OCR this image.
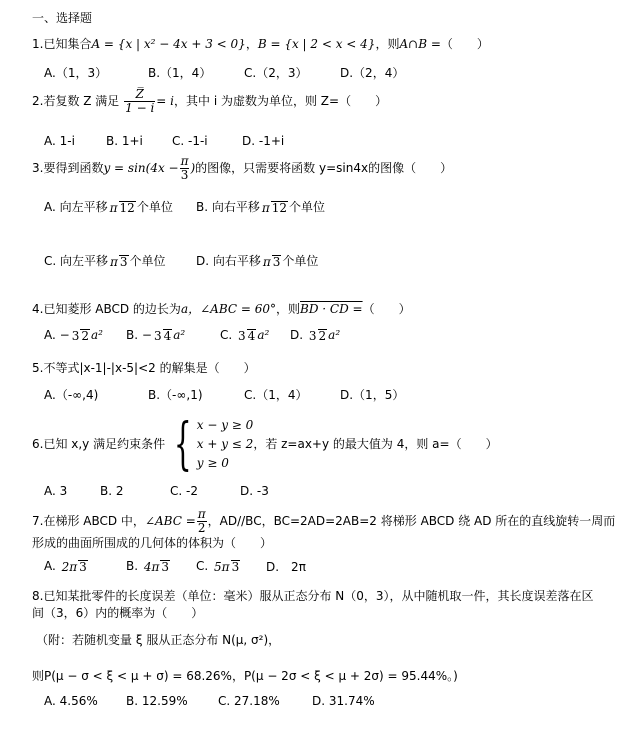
一、选择题
1.已知集合A = {x | x² − 4x + 3 < 0}，B = {x | 2 < x < 4}，则A∩B =（　　）
A.（1，3）	B.（1，4）	C.（2，3）	D.（2，4）
2.若复数 Z 满足 $\frac{Z̅}{1 - i} = i$，其中 i 为虚数为单位，则 Z=（　　）
A. 1-i	B. 1+i C. -1-i	D. -1+i
3.要得到函数$y = \sin(4x - \frac{\pi}{3}$ )的图像，只需要将函数 y=sin4x的图像（　　）
A. 向左平移 π 12 个单位 B. 向右平移 π 12 个单位
C. 向左平移 π 3 个单位	D. 向右平移 π 3 个单位
4.已知菱形 ABCD 的边长为a，∠ABC = 60°，则BD · CD =（　　）
A. − 3 2 a² B. − 3 4 a²	C. 3 4 a² D. 3 2 a²
5.不等式|x-1|-|x-5|<2 的解集是（　　）
A.（-∞,4)	B.（-∞,1)	C.（1，4）	D.（1，5）
6.已知 x,y 满足约束条件 { x − y ≥ 0
x + y ≤ 2
y ≥ 0
，若 z=ax+y 的最大值为 4，则 a=（　　）
A. 3	B. 2	C. -2	D. -3
7.在梯形 ABCD 中，∠ABC = $\frac{\pi}{2}$ ，AD//BC，BC=2AD=2AB=2 将梯形 ABCD 绕 AD 所在的直线旋转一周而
形成的曲面所围成的几何体的体积为（　　）
A. 2π 3	B. 4π 3 C. 5π 3 D.　2π
8.已知某批零件的长度误差（单位：毫米）服从正态分布 N（0，3），从中随机取一件，其长度误差落在区
间（3，6）内的概率为（　　）
（附：若随机变量 ξ 服从正态分布 N(μ, σ²)，
则P(μ − σ < ξ < μ + σ) = 68.26%，P(μ − 2σ < ξ < μ + 2σ) = 95.44%。)
A. 4.56% B. 12.59%	C. 27.18%	D. 31.74%
